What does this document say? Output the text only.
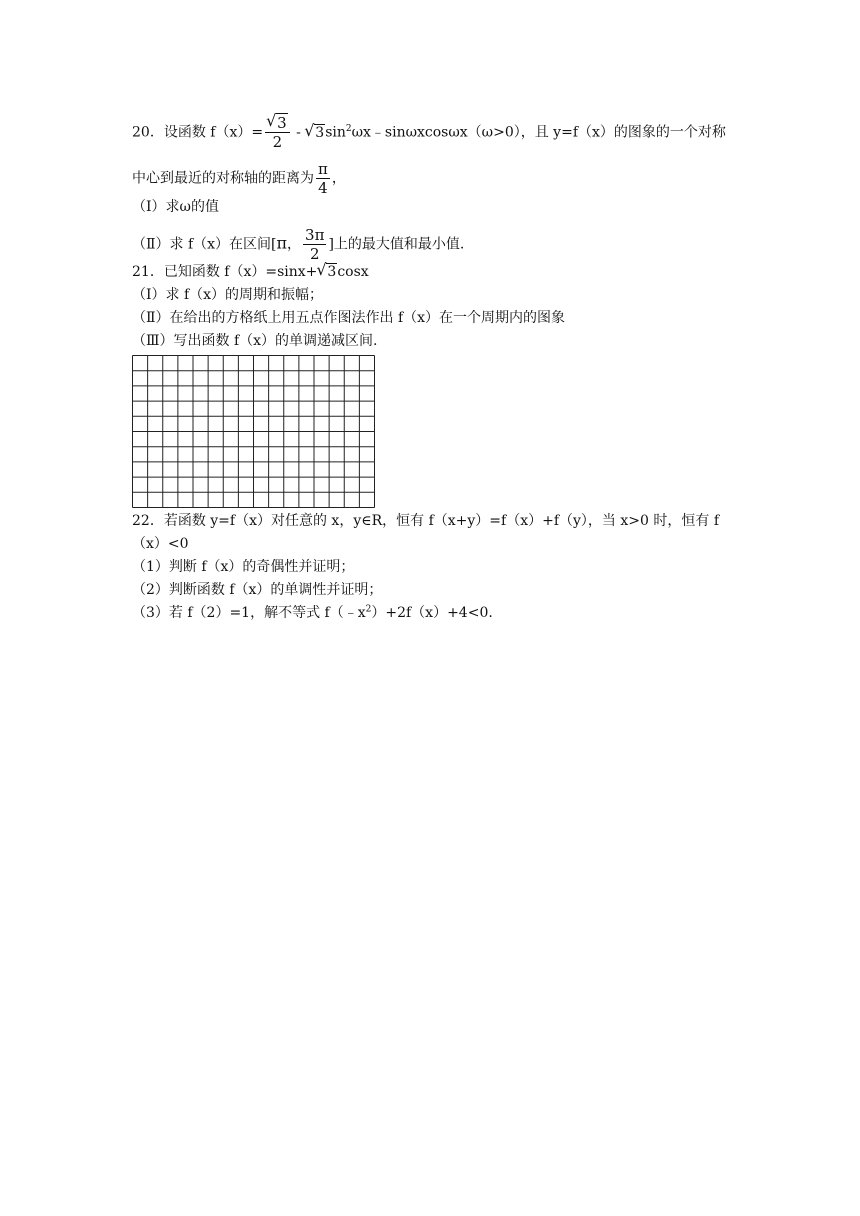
20．设函数 f（x）= √ $\frac{3}{2}$ - √ $3\sin^2\omega x﹣\sin\omega xcos\omega x(\omega>0)$，且 y=f（x）的图象的一个对称
中心到最近的对称轴的距离为 $\frac{\pi}{4}$ ，
（Ⅰ）求ω的值
（Ⅱ）求 f（x）在区间[π， $\frac{3\pi}{2}$ ]上的最大值和最小值.
21．已知函数 f（x）=sinx+ √ 3cosx
（Ⅰ）求 f（x）的周期和振幅；
（Ⅱ）在给出的方格纸上用五点作图法作出 f（x）在一个周期内的图象
（Ⅲ）写出函数 f（x）的单调递减区间.
22．若函数 y=f（x）对任意的 x，y∈R，恒有 f（x+y）=f（x）+f（y），当 x>0 时，恒有 f
（x）<0
（1）判断 f（x）的奇偶性并证明；
（2）判断函数 f（x）的单调性并证明；
（3）若 f（2）=1，解不等式 $f(﹣x^2)+2f(x)+4<0$.
